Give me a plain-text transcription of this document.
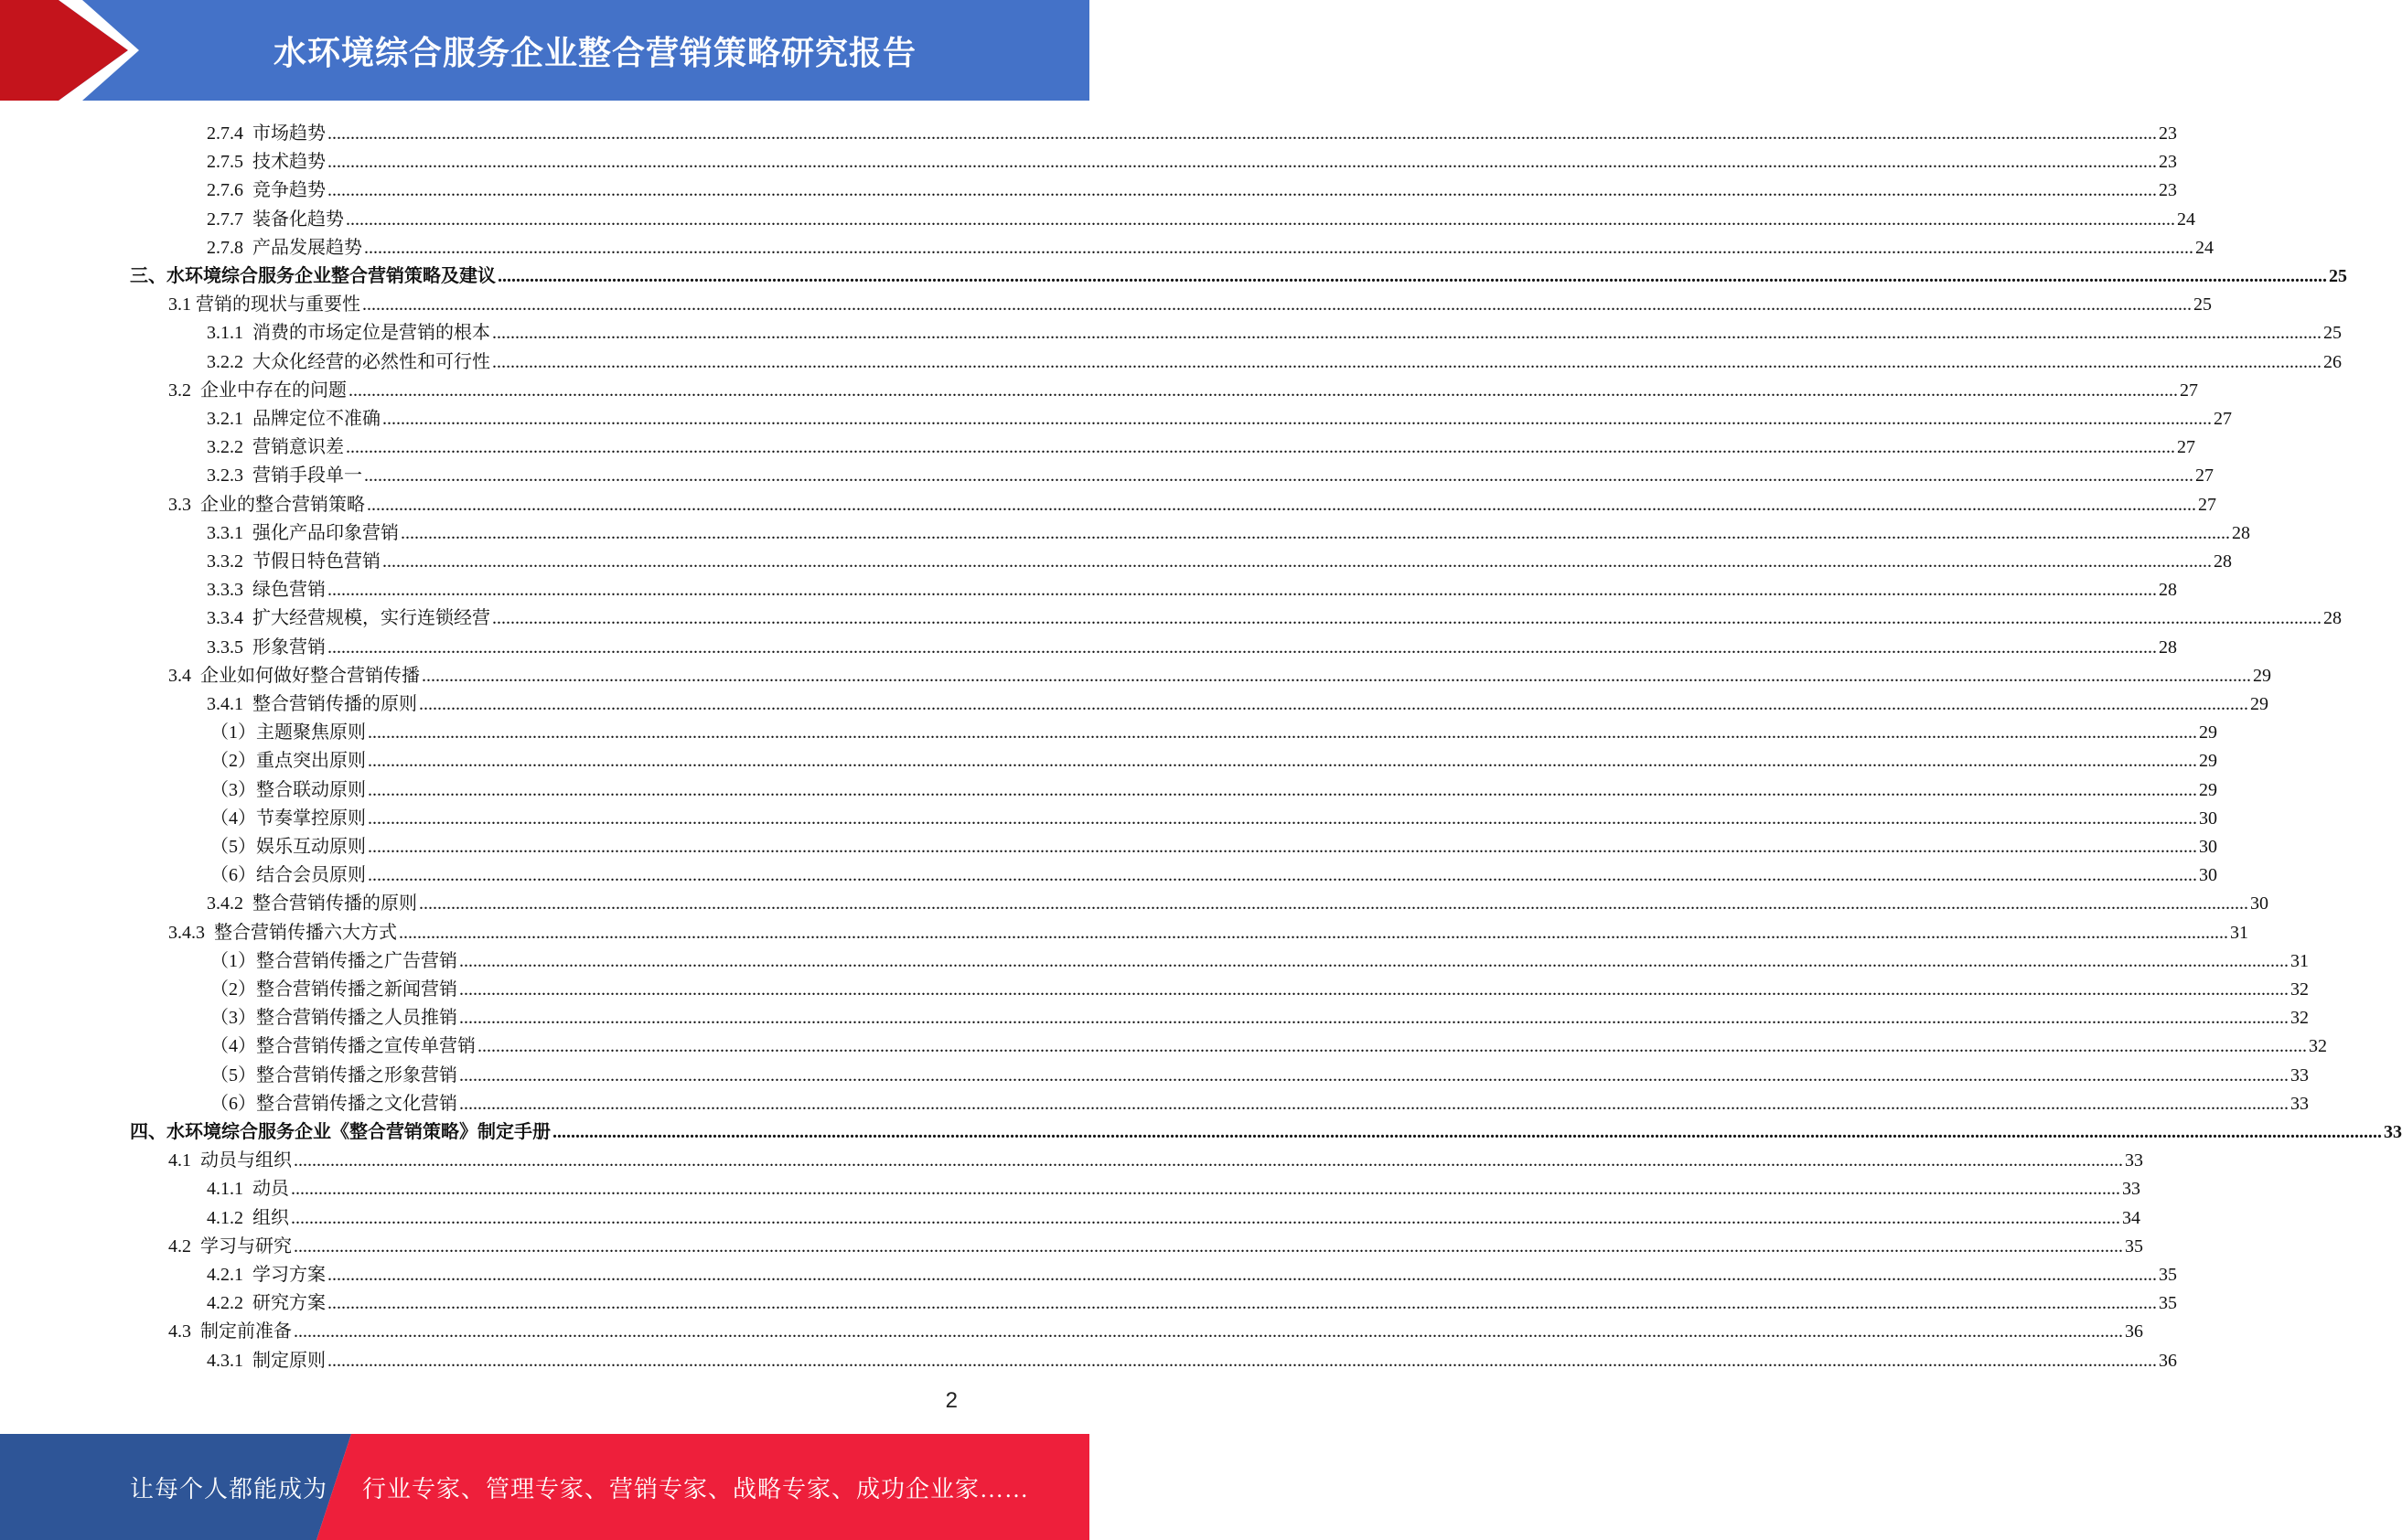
水环境综合服务企业整合营销策略研究报告
2.7.4  市场趋势 ................................................................................................................................................................................................................................................................................................................................................................................................................ 23
2.7.5  技术趋势 ................................................................................................................................................................................................................................................................................................................................................................................................................ 23
2.7.6  竞争趋势 ................................................................................................................................................................................................................................................................................................................................................................................................................ 23
2.7.7  装备化趋势 ................................................................................................................................................................................................................................................................................................................................................................................................................ 24
2.7.8  产品发展趋势 ................................................................................................................................................................................................................................................................................................................................................................................................................ 24
三、水环境综合服务企业整合营销策略及建议 ................................................................................................................................................................................................................................................................................................................................................................................................................ 25
3.1 营销的现状与重要性 ................................................................................................................................................................................................................................................................................................................................................................................................................ 25
3.1.1  消费的市场定位是营销的根本 ................................................................................................................................................................................................................................................................................................................................................................................................................ 25
3.2.2  大众化经营的必然性和可行性 ................................................................................................................................................................................................................................................................................................................................................................................................................ 26
3.2  企业中存在的问题 ................................................................................................................................................................................................................................................................................................................................................................................................................ 27
3.2.1  品牌定位不准确 ................................................................................................................................................................................................................................................................................................................................................................................................................ 27
3.2.2  营销意识差 ................................................................................................................................................................................................................................................................................................................................................................................................................ 27
3.2.3  营销手段单一 ................................................................................................................................................................................................................................................................................................................................................................................................................ 27
3.3  企业的整合营销策略 ................................................................................................................................................................................................................................................................................................................................................................................................................ 27
3.3.1  强化产品印象营销 ................................................................................................................................................................................................................................................................................................................................................................................................................ 28
3.3.2  节假日特色营销 ................................................................................................................................................................................................................................................................................................................................................................................................................ 28
3.3.3  绿色营销 ................................................................................................................................................................................................................................................................................................................................................................................................................ 28
3.3.4  扩大经营规模，实行连锁经营 ................................................................................................................................................................................................................................................................................................................................................................................................................ 28
3.3.5  形象营销 ................................................................................................................................................................................................................................................................................................................................................................................................................ 28
3.4  企业如何做好整合营销传播 ................................................................................................................................................................................................................................................................................................................................................................................................................ 29
3.4.1  整合营销传播的原则 ................................................................................................................................................................................................................................................................................................................................................................................................................ 29
（1）主题聚焦原则 ................................................................................................................................................................................................................................................................................................................................................................................................................ 29
（2）重点突出原则 ................................................................................................................................................................................................................................................................................................................................................................................................................ 29
（3）整合联动原则 ................................................................................................................................................................................................................................................................................................................................................................................................................ 29
（4）节奏掌控原则 ................................................................................................................................................................................................................................................................................................................................................................................................................ 30
（5）娱乐互动原则 ................................................................................................................................................................................................................................................................................................................................................................................................................ 30
（6）结合会员原则 ................................................................................................................................................................................................................................................................................................................................................................................................................ 30
3.4.2  整合营销传播的原则 ................................................................................................................................................................................................................................................................................................................................................................................................................ 30
3.4.3  整合营销传播六大方式 ................................................................................................................................................................................................................................................................................................................................................................................................................ 31
（1）整合营销传播之广告营销 ................................................................................................................................................................................................................................................................................................................................................................................................................ 31
（2）整合营销传播之新闻营销 ................................................................................................................................................................................................................................................................................................................................................................................................................ 32
（3）整合营销传播之人员推销 ................................................................................................................................................................................................................................................................................................................................................................................................................ 32
（4）整合营销传播之宣传单营销 ................................................................................................................................................................................................................................................................................................................................................................................................................ 32
（5）整合营销传播之形象营销 ................................................................................................................................................................................................................................................................................................................................................................................................................ 33
（6）整合营销传播之文化营销 ................................................................................................................................................................................................................................................................................................................................................................................................................ 33
四、水环境综合服务企业《整合营销策略》制定手册 ................................................................................................................................................................................................................................................................................................................................................................................................................ 33
4.1  动员与组织 ................................................................................................................................................................................................................................................................................................................................................................................................................ 33
4.1.1  动员 ................................................................................................................................................................................................................................................................................................................................................................................................................ 33
4.1.2  组织 ................................................................................................................................................................................................................................................................................................................................................................................................................ 34
4.2  学习与研究 ................................................................................................................................................................................................................................................................................................................................................................................................................ 35
4.2.1  学习方案 ................................................................................................................................................................................................................................................................................................................................................................................................................ 35
4.2.2  研究方案 ................................................................................................................................................................................................................................................................................................................................................................................................................ 35
4.3  制定前准备 ................................................................................................................................................................................................................................................................................................................................................................................................................ 36
4.3.1  制定原则 ................................................................................................................................................................................................................................................................................................................................................................................................................ 36
2
让每个人都能成为 行业专家、管理专家、营销专家、战略专家、成功企业家……
